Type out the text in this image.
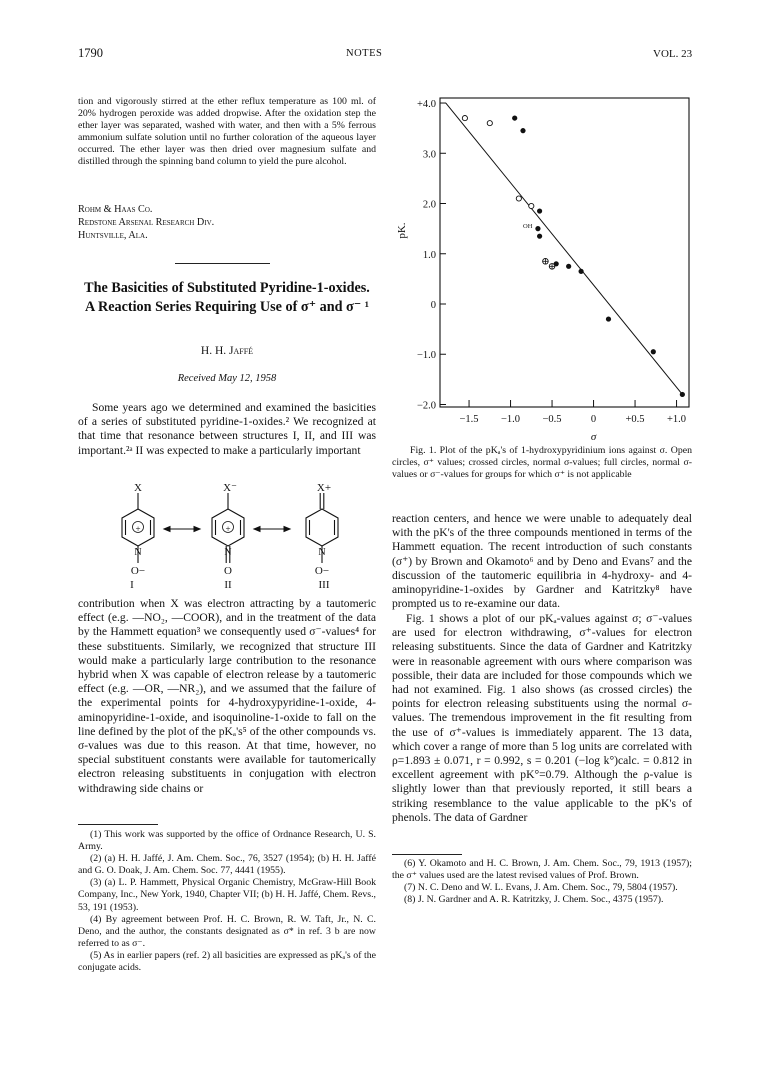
1790	NOTES	VOL. 23

tion and vigorously stirred at the ether reflux temperature as 100 ml. of 20% hydrogen peroxide was added dropwise. After the oxidation step the ether layer was separated, washed with water, and then with a 5% ferrous ammonium sulfate solution until no further coloration of the aqueous layer occurred. The ether layer was then dried over magnesium sulfate and distilled through the spinning band column to yield the pure alcohol.

Rohm & Haas Co.
Redstone Arsenal Research Div.
Huntsville, Ala.
The Basicities of Substituted Pyridine-1-oxides. A Reaction Series Requiring Use of σ⁺ and σ⁻ ¹
H. H. Jaffé
Received May 12, 1958

Some years ago we determined and examined the basicities of a series of substituted pyridine-1-oxides.² We recognized at that time that resonance between structures I, II, and III was important.²ᵃ II was expected to make a particularly important

X	X⁻	X+
+	+
N	N	N
O−	O	O−
I	II	III

contribution when X was electron attracting by a tautomeric effect (e.g. —NO₂, —COOR), and in the treatment of the data by the Hammett equation³ we consequently used σ⁻-values⁴ for these substituents. Similarly, we recognized that structure III would make a particularly large contribution to the resonance hybrid when X was capable of electron release by a tautomeric effect (e.g. —OR, —NR₂), and we assumed that the failure of the experimental points for 4-hydroxypyridine-1-oxide, 4-aminopyridine-1-oxide, and isoquinoline-1-oxide to fall on the line defined by the plot of the pKₐ's⁵ of the other compounds vs. σ-values was due to this reason. At that time, however, no special substituent constants were available for tautomerically electron releasing substituents in conjugation with electron withdrawing side chains or

(1) This work was supported by the office of Ordnance Research, U. S. Army.

(2) (a) H. H. Jaffé, J. Am. Chem. Soc., 76, 3527 (1954); (b) H. H. Jaffé and G. O. Doak, J. Am. Chem. Soc. 77, 4441 (1955).

(3) (a) L. P. Hammett, Physical Organic Chemistry, McGraw-Hill Book Company, Inc., New York, 1940, Chapter VII; (b) H. H. Jaffé, Chem. Revs., 53, 191 (1953).

(4) By agreement between Prof. H. C. Brown, R. W. Taft, Jr., N. C. Deno, and the author, the constants designated as σ* in ref. 3 b are now referred to as σ⁻.

(5) As in earlier papers (ref. 2) all basicities are expressed as pKₐ's of the conjugate acids.

+4.0
3.0
2.0
1.0
0
−1.0
−2.0
−1.5 −1.0 −0.5	0	+0.5 +1.0
pK.
σ
OH

Fig. 1. Plot of the pKₐ's of 1-hydroxypyridinium ions against σ. Open circles, σ⁺ values; crossed circles, normal σ-values; full circles, normal σ-values or σ⁻-values for groups for which σ⁺ is not applicable

reaction centers, and hence we were unable to adequately deal with the pK's of the three compounds mentioned in terms of the Hammett equation. The recent introduction of such constants (σ⁺) by Brown and Okamoto⁶ and by Deno and Evans⁷ and the discussion of the tautomeric equilibria in 4-hydroxy- and 4-aminopyridine-1-oxides by Gardner and Katritzky⁸ have prompted us to re-examine our data.

Fig. 1 shows a plot of our pKₐ-values against σ; σ⁻-values are used for electron withdrawing, σ⁺-values for electron releasing substituents. Since the data of Gardner and Katritzky were in reasonable agreement with ours where comparison was possible, their data are included for those compounds which we had not examined. Fig. 1 also shows (as crossed circles) the points for electron releasing substituents using the normal σ-values. The tremendous improvement in the fit resulting from the use of σ⁺-values is immediately apparent. The 13 data, which cover a range of more than 5 log units are correlated with ρ=1.893 ± 0.071, r = 0.992, s = 0.201 (−log k°)calc. = 0.812 in excellent agreement with pK°=0.79. Although the ρ-value is slightly lower than that previously reported, it still bears a striking resemblance to the value applicable to the pK's of phenols. The data of Gardner

(6) Y. Okamoto and H. C. Brown, J. Am. Chem. Soc., 79, 1913 (1957); the σ⁺ values used are the latest revised values of Prof. Brown.

(7) N. C. Deno and W. L. Evans, J. Am. Chem. Soc., 79, 5804 (1957).

(8) J. N. Gardner and A. R. Katritzky, J. Chem. Soc., 4375 (1957).
